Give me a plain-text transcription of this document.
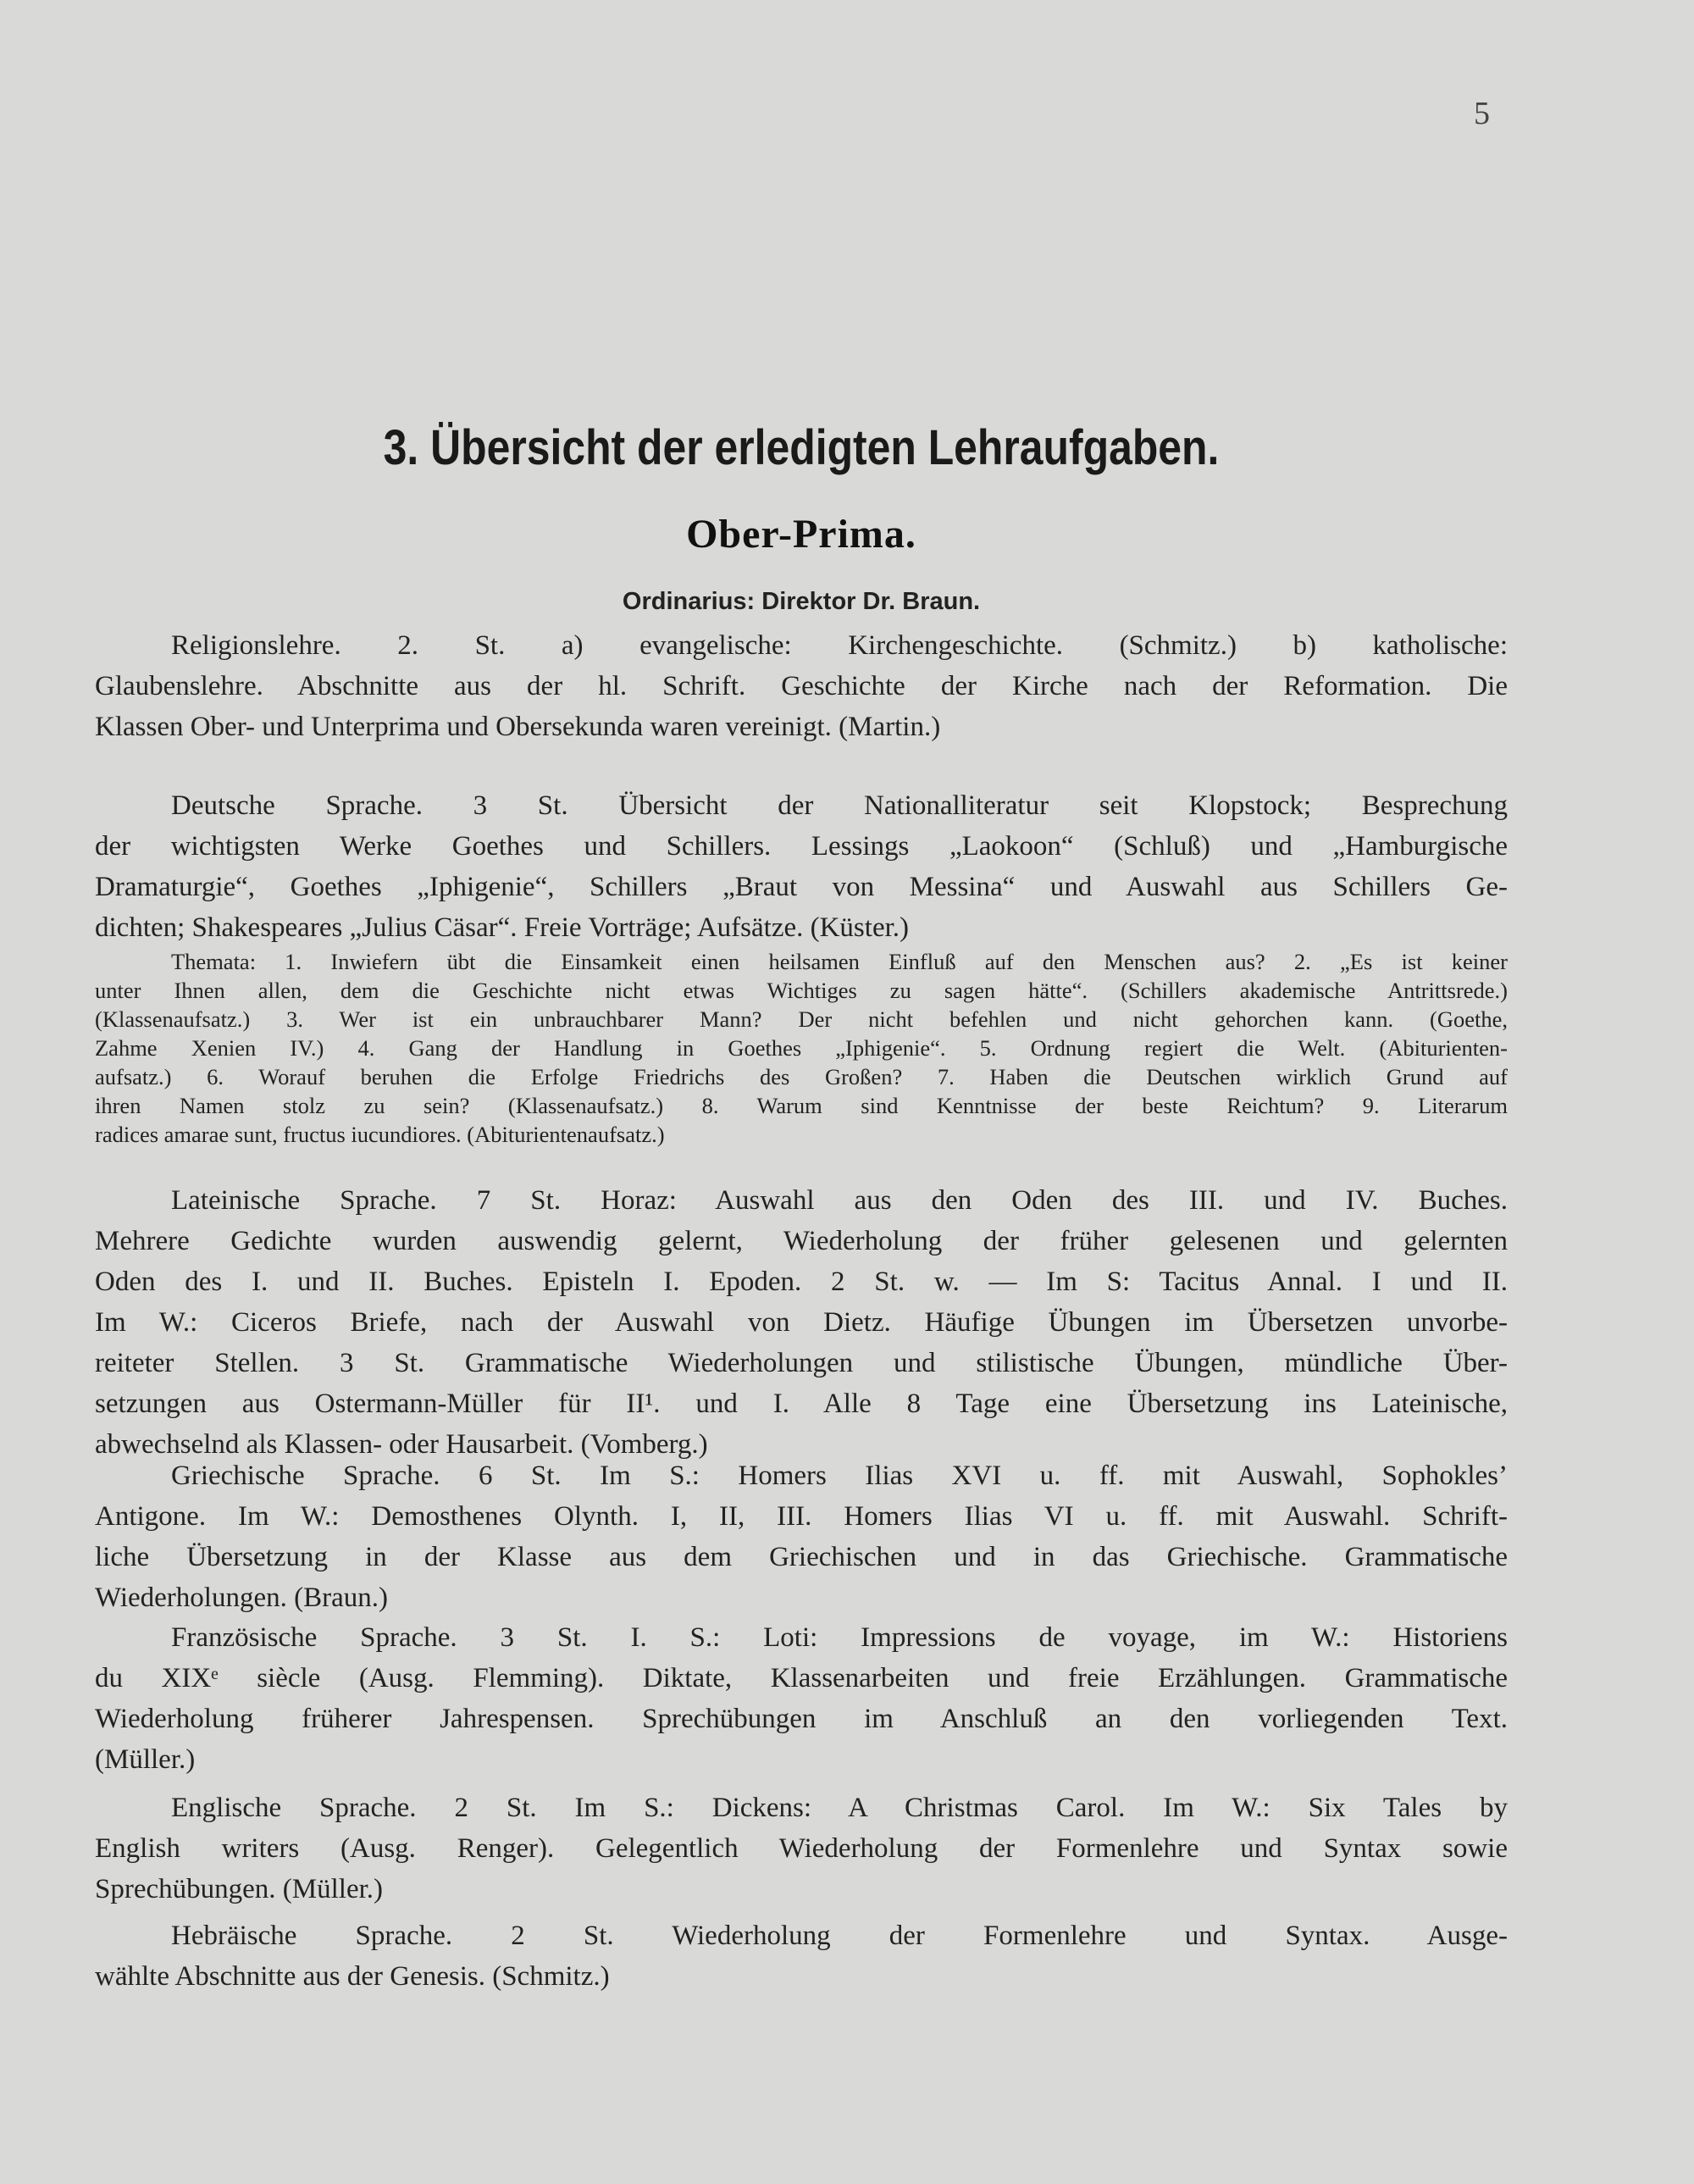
5
3. Übersicht der erledigten Lehraufgaben.
Ober-Prima.
Ordinarius: Direktor Dr. Braun.
Religionslehre. 2. St. a) evangelische: Kirchengeschichte. (Schmitz.) b) katholische:
Glaubenslehre. Abschnitte aus der hl. Schrift. Geschichte der Kirche nach der Reformation. Die
Klassen Ober- und Unterprima und Obersekunda waren vereinigt. (Martin.)
Deutsche Sprache. 3 St. Übersicht der Nationalliteratur seit Klopstock; Besprechung
der wichtigsten Werke Goethes und Schillers. Lessings „Laokoon“ (Schluß) und „Hamburgische
Dramaturgie“, Goethes „Iphigenie“, Schillers „Braut von Messina“ und Auswahl aus Schillers Ge-
dichten; Shakespeares „Julius Cäsar“. Freie Vorträge; Aufsätze. (Küster.)
Themata: 1. Inwiefern übt die Einsamkeit einen heilsamen Einfluß auf den Menschen aus? 2. „Es ist keiner
unter Ihnen allen, dem die Geschichte nicht etwas Wichtiges zu sagen hätte“. (Schillers akademische Antrittsrede.)
(Klassenaufsatz.) 3. Wer ist ein unbrauchbarer Mann? Der nicht befehlen und nicht gehorchen kann. (Goethe,
Zahme Xenien IV.) 4. Gang der Handlung in Goethes „Iphigenie“. 5. Ordnung regiert die Welt. (Abiturienten-
aufsatz.) 6. Worauf beruhen die Erfolge Friedrichs des Großen? 7. Haben die Deutschen wirklich Grund auf
ihren Namen stolz zu sein? (Klassenaufsatz.) 8. Warum sind Kenntnisse der beste Reichtum? 9. Literarum
radices amarae sunt, fructus iucundiores. (Abiturientenaufsatz.)
Lateinische Sprache. 7 St. Horaz: Auswahl aus den Oden des III. und IV. Buches.
Mehrere Gedichte wurden auswendig gelernt, Wiederholung der früher gelesenen und gelernten
Oden des I. und II. Buches. Episteln I. Epoden. 2 St. w. — Im S: Tacitus Annal. I und II.
Im W.: Ciceros Briefe, nach der Auswahl von Dietz. Häufige Übungen im Übersetzen unvorbe-
reiteter Stellen. 3 St. Grammatische Wiederholungen und stilistische Übungen, mündliche Über-
setzungen aus Ostermann-Müller für II¹. und I. Alle 8 Tage eine Übersetzung ins Lateinische,
abwechselnd als Klassen- oder Hausarbeit. (Vomberg.)
Griechische Sprache. 6 St. Im S.: Homers Ilias XVI u. ff. mit Auswahl, Sophokles’
Antigone. Im W.: Demosthenes Olynth. I, II, III. Homers Ilias VI u. ff. mit Auswahl. Schrift-
liche Übersetzung in der Klasse aus dem Griechischen und in das Griechische. Grammatische
Wiederholungen. (Braun.)
Französische Sprache. 3 St. I. S.: Loti: Impressions de voyage, im W.: Historiens
du XIXᵉ siècle (Ausg. Flemming). Diktate, Klassenarbeiten und freie Erzählungen. Grammatische
Wiederholung früherer Jahrespensen. Sprechübungen im Anschluß an den vorliegenden Text.
(Müller.)
Englische Sprache. 2 St. Im S.: Dickens: A Christmas Carol. Im W.: Six Tales by
English writers (Ausg. Renger). Gelegentlich Wiederholung der Formenlehre und Syntax sowie
Sprechübungen. (Müller.)
Hebräische Sprache. 2 St. Wiederholung der Formenlehre und Syntax. Ausge-
wählte Abschnitte aus der Genesis. (Schmitz.)
